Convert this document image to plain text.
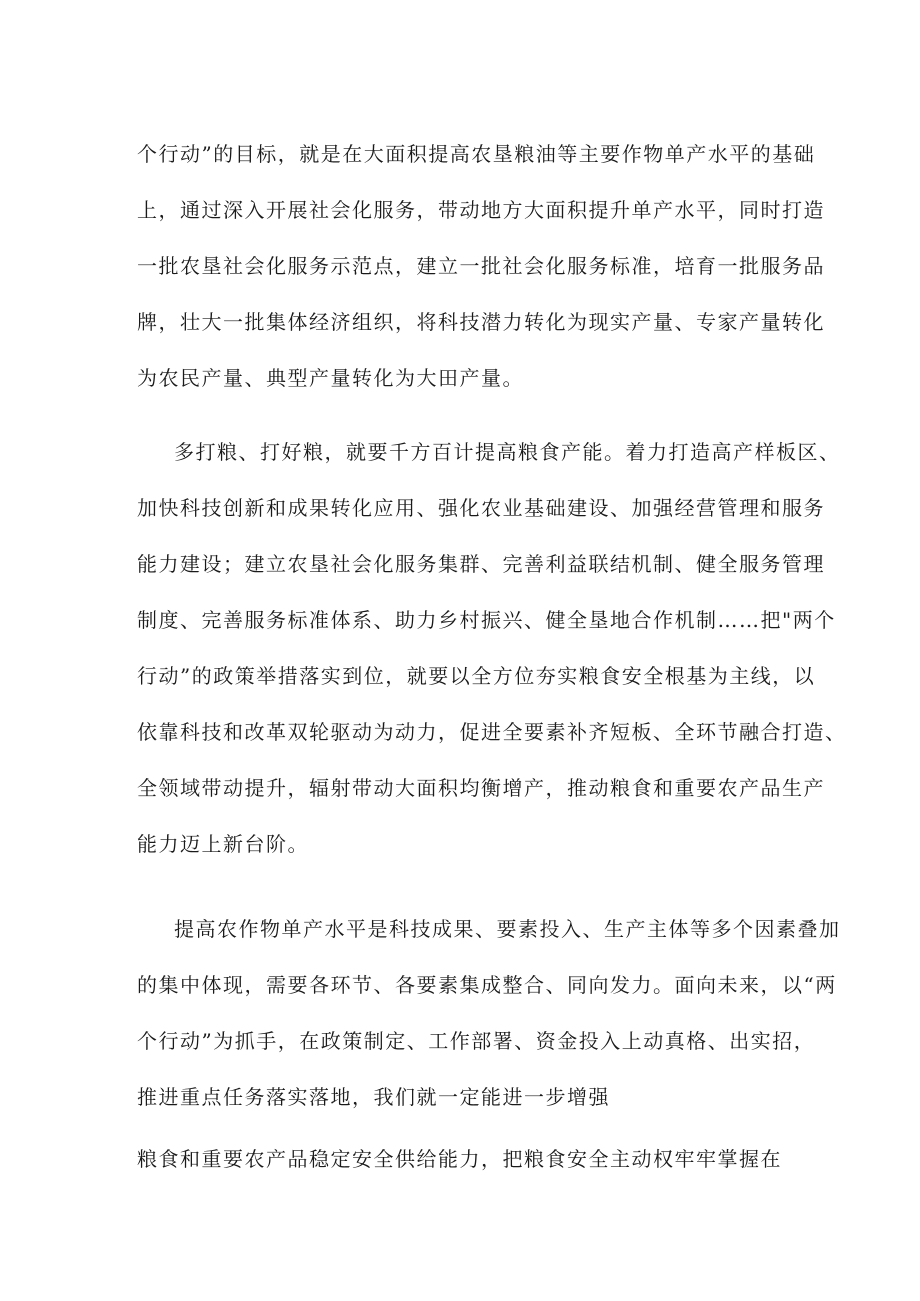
个行动”的目标，就是在大面积提高农垦粮油等主要作物单产水平的基础
上，通过深入开展社会化服务，带动地方大面积提升单产水平，同时打造
一批农垦社会化服务示范点，建立一批社会化服务标准，培育一批服务品
牌，壮大一批集体经济组织，将科技潜力转化为现实产量、专家产量转化
为农民产量、典型产量转化为大田产量。
多打粮、打好粮，就要千方百计提高粮食产能。着力打造高产样板区、
加快科技创新和成果转化应用、强化农业基础建设、加强经营管理和服务
能力建设；建立农垦社会化服务集群、完善利益联结机制、健全服务管理
制度、完善服务标准体系、助力乡村振兴、健全垦地合作机制……把"两个
行动”的政策举措落实到位，就要以全方位夯实粮食安全根基为主线，以
依靠科技和改革双轮驱动为动力，促进全要素补齐短板、全环节融合打造、
全领域带动提升，辐射带动大面积均衡增产，推动粮食和重要农产品生产
能力迈上新台阶。
提高农作物单产水平是科技成果、要素投入、生产主体等多个因素叠加
的集中体现，需要各环节、各要素集成整合、同向发力。面向未来，以“两
个行动”为抓手，在政策制定、工作部署、资金投入上动真格、出实招，
推进重点任务落实落地，我们就一定能进一步增强
粮食和重要农产品稳定安全供给能力，把粮食安全主动权牢牢掌握在
